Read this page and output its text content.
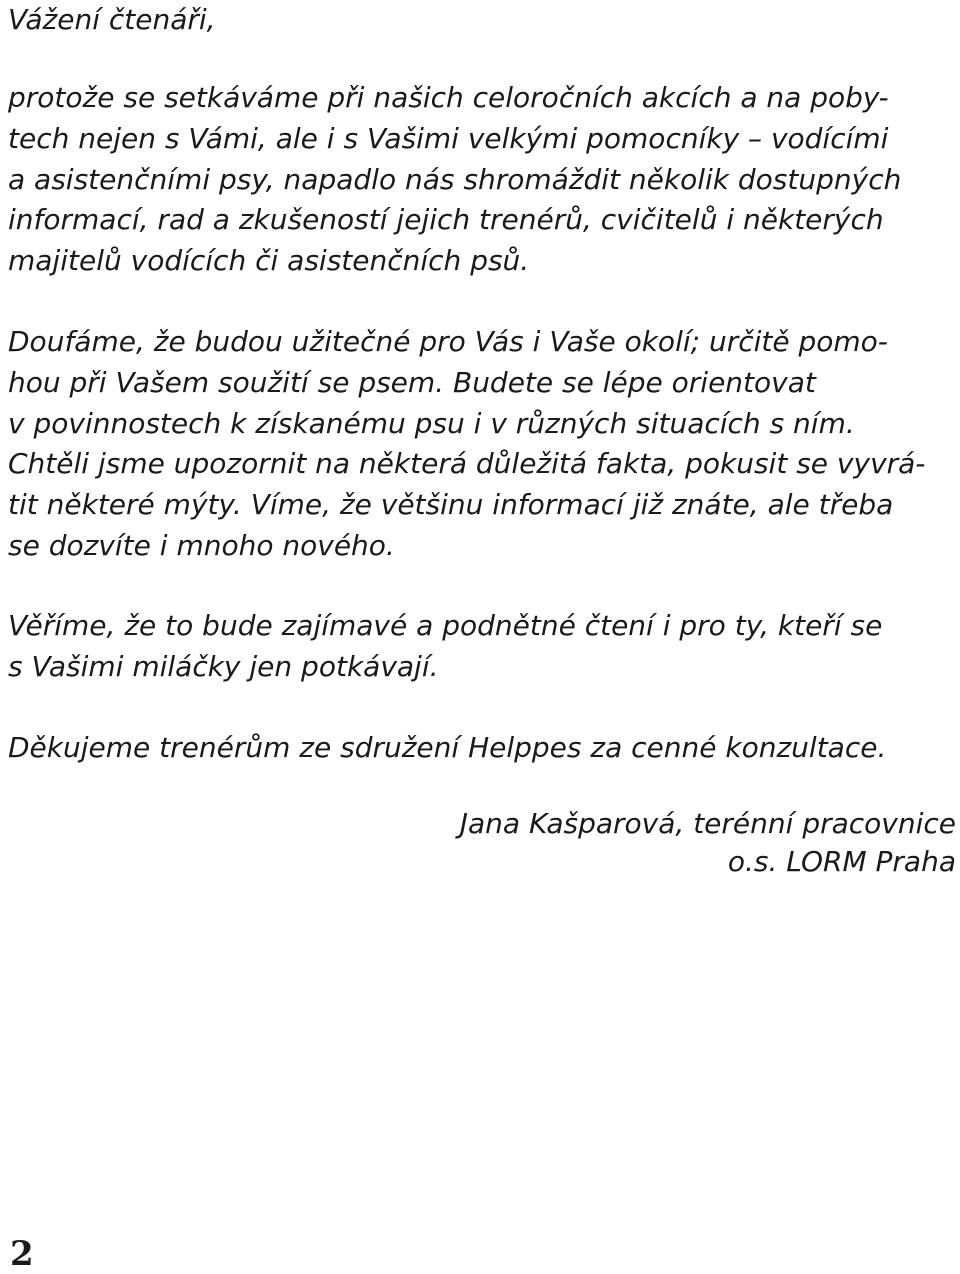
Vážení čtenáři,

protože se setkáváme při našich celoročních akcích a na poby-
tech nejen s Vámi, ale i s Vašimi velkými pomocníky – vodícími
a asistenčními psy, napadlo nás shromáždit několik dostupných
informací, rad a zkušeností jejich trenérů, cvičitelů i některých
majitelů vodících či asistenčních psů.

Doufáme, že budou užitečné pro Vás i Vaše okolí; určitě pomo-
hou při Vašem soužití se psem. Budete se lépe orientovat
v povinnostech k získanému psu i v různých situacích s ním.
Chtěli jsme upozornit na některá důležitá fakta, pokusit se vyvrá-
tit některé mýty. Víme, že většinu informací již znáte, ale třeba
se dozvíte i mnoho nového.

Věříme, že to bude zajímavé a podnětné čtení i pro ty, kteří se
s Vašimi miláčky jen potkávají.

Děkujeme trenérům ze sdružení Helppes za cenné konzultace.

Jana Kašparová, terénní pracovnice
o.s. LORM Praha

2
